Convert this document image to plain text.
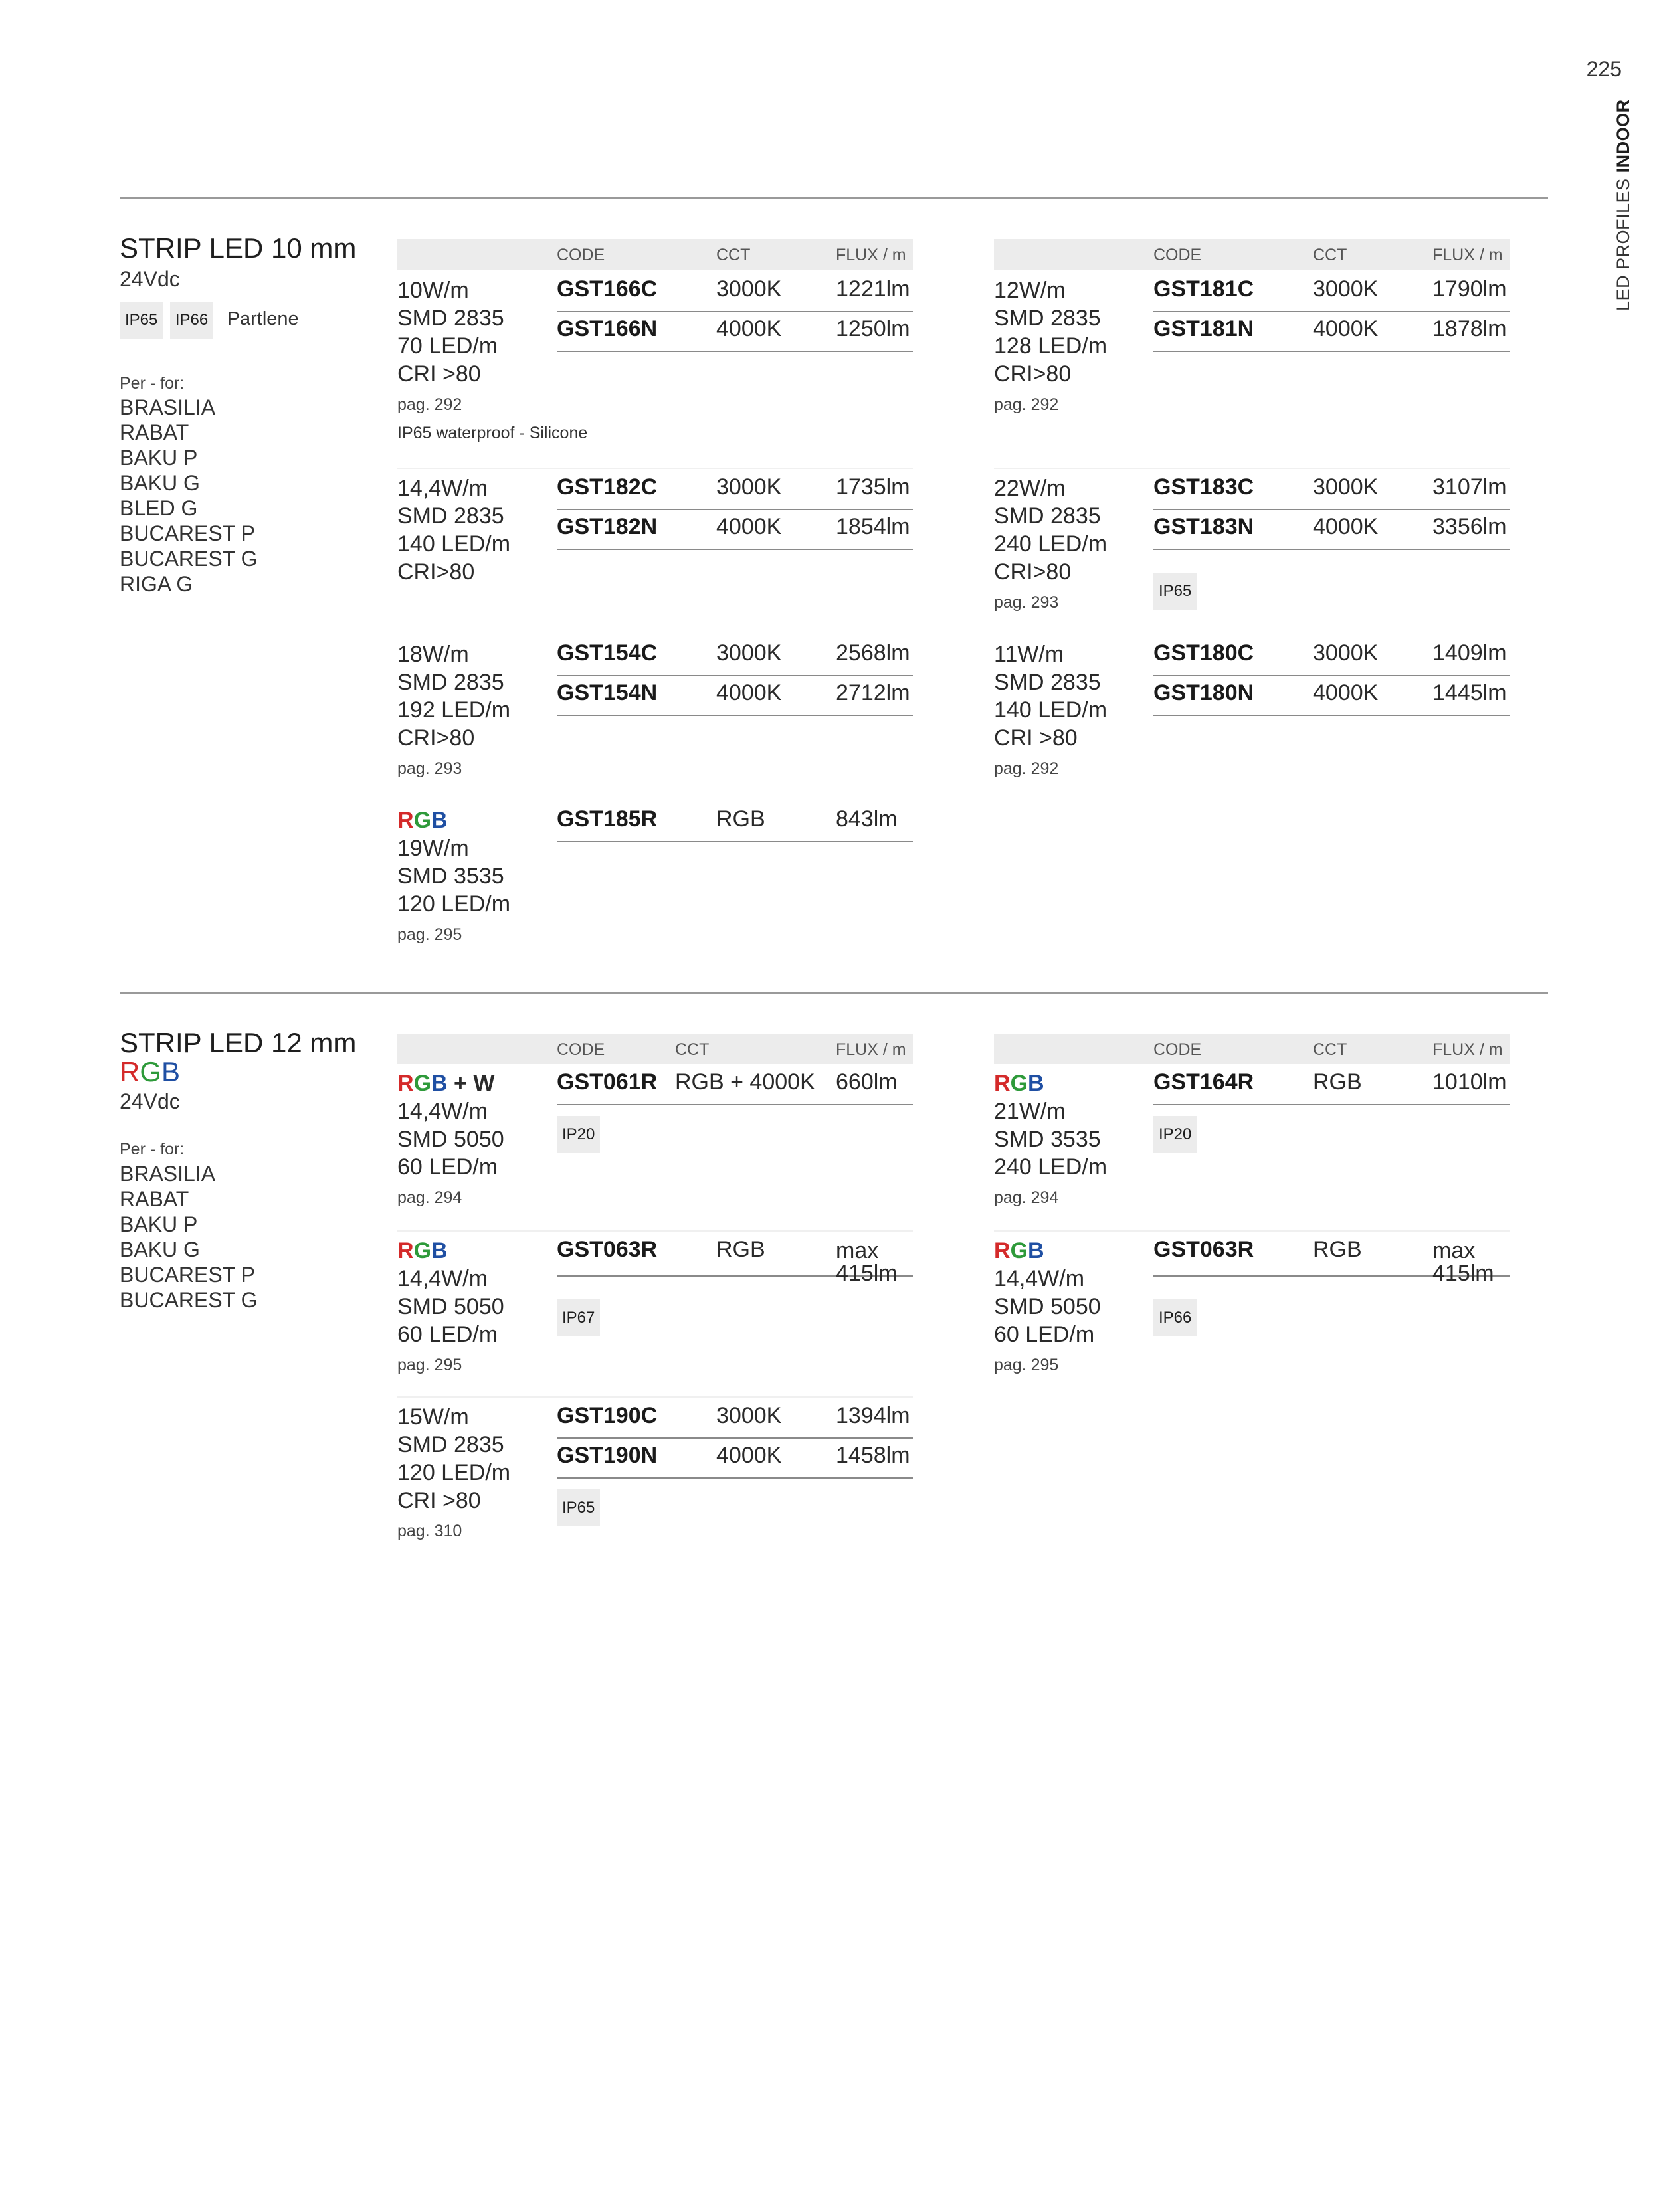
225
LED PROFILES INDOOR
STRIP LED 10 mm
24Vdc
IP65 IP66 Partlene
Per - for:
BRASILIA
RABAT
BAKU P
BAKU G
BLED G
BUCAREST P
BUCAREST G
RIGA G
CODE	CCT	FLUX / m	CODE	CCT	FLUX / m
10W/m
SMD 2835
70 LED/m
CRI >80
pag. 292
GST166C	3000K 1221lm
GST166N	4000K 1250lm
IP65 waterproof - Silicone
12W/m
SMD 2835
128 LED/m
CRI>80
pag. 292
GST181C	3000K 1790lm
GST181N	4000K 1878lm
14,4W/m
SMD 2835
140 LED/m
CRI>80
GST182C	3000K 1735lm
GST182N	4000K 1854lm
22W/m
SMD 2835
240 LED/m
CRI>80
pag. 293
GST183C	3000K 3107lm
GST183N	4000K 3356lm
IP65
18W/m
SMD 2835
192 LED/m
CRI>80
pag. 293
GST154C	3000K 2568lm
GST154N	4000K 2712lm
11W/m
SMD 2835
140 LED/m
CRI >80
pag. 292
GST180C	3000K 1409lm
GST180N	4000K 1445lm
RGB
19W/m
SMD 3535
120 LED/m
pag. 295
GST185R	RGB	843lm
STRIP LED 12 mm
RGB
24Vdc
Per - for:
BRASILIA
RABAT
BAKU P
BAKU G
BUCAREST P
BUCAREST G
CODE	CCT	FLUX / m	CODE	CCT	FLUX / m
RGB + W
14,4W/m
SMD 5050
60 LED/m
pag. 294
GST061R RGB + 4000K 660lm
IP20
RGB
21W/m
SMD 3535
240 LED/m
pag. 294
GST164R	RGB	1010lm
IP20
RGB
14,4W/m
SMD 5050
60 LED/m
pag. 295
GST063R	RGB	max
415lm
IP67
RGB
14,4W/m
SMD 5050
60 LED/m
pag. 295
GST063R	RGB	max
415lm
IP66
15W/m
SMD 2835
120 LED/m
CRI >80
pag. 310
GST190C	3000K 1394lm
GST190N	4000K 1458lm
IP65
